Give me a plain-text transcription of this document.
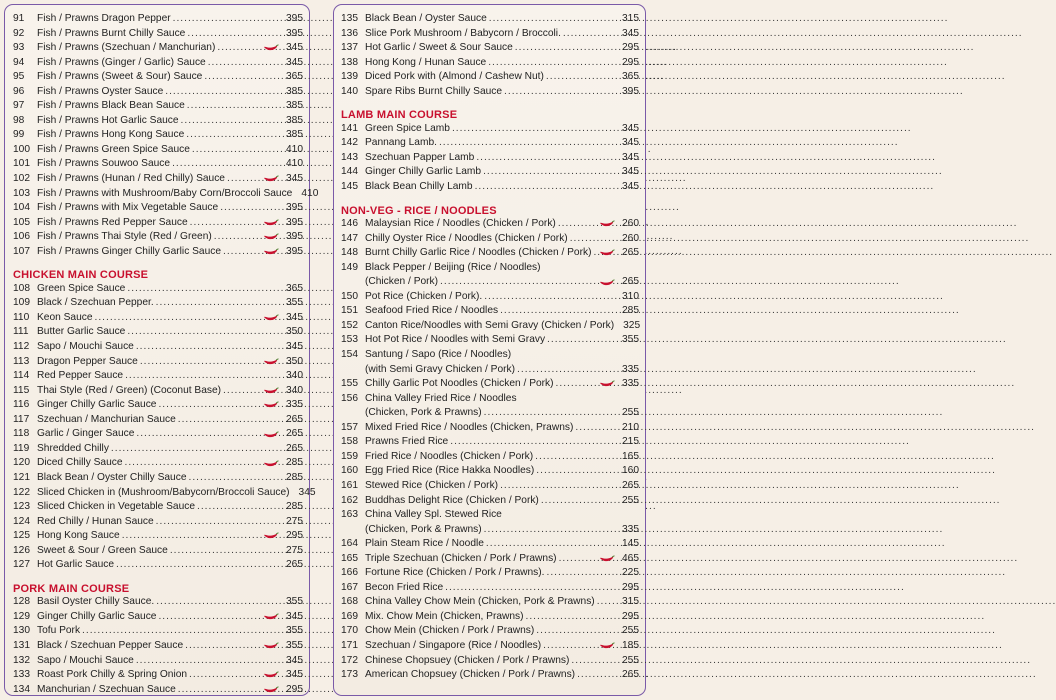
91	Fish / Prawns Dragon Pepper .....	395
92	Fish / Prawns Burnt Chilly Sauce .....	395
93	Fish / Prawns (Szechuan / Manchurian) .....	345
94	Fish / Prawns (Ginger / Garlic) Sauce .....	345
95	Fish / Prawns (Sweet & Sour) Sauce .....	365
96	Fish / Prawns Oyster Sauce .....	385
97	Fish / Prawns Black Bean Sauce .....	385
98	Fish / Prawns Hot Garlic Sauce .....	385
99	Fish / Prawns Hong Kong Sauce .....	385
100 Fish / Prawns Green Spice Sauce .....	410
101 Fish / Prawns Souwoo Sauce .....	410
102 Fish / Prawns (Hunan / Red Chilly) Sauce .....	345
103 Fish / Prawns with Mushroom/Baby Corn/Broccoli Sauce 410
104 Fish / Prawns with Mix Vegetable Sauce .....	395
105 Fish / Prawns Red Pepper Sauce .....	395
106 Fish / Prawns Thai Style (Red / Green) .....	395
107 Fish / Prawns Ginger Chilly Garlic Sauce .....	395
CHICKEN MAIN COURSE
108 Green Spice Sauce .....	365
109 Black / Szechuan Pepper. .....	355
110 Keon Sauce .....	345
111 Butter Garlic Sauce .....	350
112 Sapo / Mouchi Sauce .....	345
113 Dragon Pepper Sauce .....	350
114 Red Pepper Sauce .....	340
115 Thai Style (Red / Green) (Coconut Base) .....	340
116 Ginger Chilly Garlic Sauce .....	335
117 Szechuan / Manchurian Sauce .....	265
118 Garlic / Ginger Sauce .....	265
119 Shredded Chilly .....	265
120 Diced Chilly Sauce .....	285
121 Black Bean / Oyster Chilly Sauce .....	285
122 Sliced Chicken in (Mushroom/Babycorn/Broccoli Sauce) 345
123 Sliced Chicken in Vegetable Sauce .....	285
124 Red Chilly / Hunan Sauce .....	275
125 Hong Kong Sauce .....	295
126 Sweet & Sour / Green Sauce .....	275
127 Hot Garlic Sauce .....	265
PORK MAIN COURSE
128 Basil Oyster Chilly Sauce. .....	355
129 Ginger Chilly Garlic Sauce .....	345
130 Tofu Pork .....	355
131 Black / Szechuan Pepper Sauce .....	355
132 Sapo / Mouchi Sauce .....	345
133 Roast Pork Chilly & Spring Onion .....	345
134 Manchurian / Szechuan Sauce .....	295
135 Black Bean / Oyster Sauce .....	315
136 Slice Pork Mushroom / Babycorn / Broccoli. .....	345
137 Hot Garlic / Sweet & Sour Sauce .....	295
138 Hong Kong / Hunan Sauce .....	295
139 Diced Pork with (Almond / Cashew Nut) .....	365
140 Spare Ribs Burnt Chilly Sauce .....	395
LAMB MAIN COURSE
141 Green Spice Lamb .....	345
142 Pannang Lamb. .....	345
143 Szechuan Papper Lamb .....	345
144 Ginger Chilly Garlic Lamb .....	345
145 Black Bean Chilly Lamb .....	345
NON-VEG - RICE / NOODLES
146 Malaysian Rice / Noodles (Chicken / Pork) .....	260
147 Chilly Oyster Rice / Noodles (Chicken / Pork) .....	260
148 Burnt Chilly Garlic Rice / Noodles (Chicken / Pork) .....	265
149 Black Pepper / Beijing (Rice / Noodles)
(Chicken / Pork) .....	265
150 Pot Rice (Chicken / Pork). .....	310
151 Seafood Fried Rice / Noodles .....	285
152 Canton Rice/Noodles with Semi Gravy (Chicken / Pork) 325
153 Hot Pot Rice / Noodles with Semi Gravy .....	355
154 Santung / Sapo (Rice / Noodles)
(with Semi Gravy Chicken / Pork) .....	335
155 Chilly Garlic Pot Noodles (Chicken / Pork) .....	335
156 China Valley Fried Rice / Noodles
(Chicken, Pork & Prawns) .....	255
157 Mixed Fried Rice / Noodles (Chicken, Prawns) .....	210
158 Prawns Fried Rice .....	215
159 Fried Rice / Noodles (Chicken / Pork) .....	165
160 Egg Fried Rice (Rice Hakka Noodles) .....	160
161 Stewed Rice (Chicken / Pork) .....	265
162 Buddhas Delight Rice (Chicken / Pork) .....	255
163 China Valley Spl. Stewed Rice
(Chicken, Pork & Prawns) .....	335
164 Plain Steam Rice / Noodle .....	145
165 Triple Szechuan (Chicken / Pork / Prawns) .....	465
166 Fortune Rice (Chicken / Pork / Prawns). .....	225
167 Becon Fried Rice .....	295
168 China Valley Chow Mein (Chicken, Pork & Prawns) .....	315
169 Mix. Chow Mein (Chicken, Prawns) .....	295
170 Chow Mein (Chicken / Pork / Prawns) .....	255
171 Szechuan / Singapore (Rice / Noodles) .....	185
172 Chinese Chopsuey (Chicken / Pork / Prawns) .....	255
173 American Chopsuey (Chicken / Pork / Prawns) .....	265
